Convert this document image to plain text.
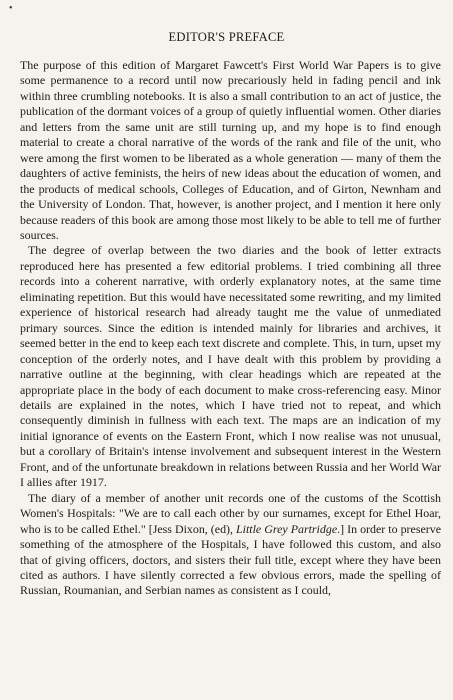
•
EDITOR'S PREFACE

The purpose of this edition of Margaret Fawcett's First World War Papers is to give some permanence to a record until now precariously held in fading pencil and ink within three crumbling notebooks. It is also a small contribution to an act of justice, the publication of the dormant voices of a group of quietly influential women. Other diaries and letters from the same unit are still turning up, and my hope is to find enough material to create a choral narrative of the words of the rank and file of the unit, who were among the first women to be liberated as a whole generation — many of them the daughters of active feminists, the heirs of new ideas about the education of women, and the products of medical schools, Colleges of Education, and of Girton, Newnham and the University of London. That, however, is another project, and I mention it here only because readers of this book are among those most likely to be able to tell me of further sources.

The degree of overlap between the two diaries and the book of letter extracts reproduced here has presented a few editorial problems. I tried combining all three records into a coherent narrative, with orderly explanatory notes, at the same time eliminating repetition. But this would have necessitated some rewriting, and my limited experience of historical research had already taught me the value of unmediated primary sources. Since the edition is intended mainly for libraries and archives, it seemed better in the end to keep each text discrete and complete. This, in turn, upset my conception of the orderly notes, and I have dealt with this problem by providing a narrative outline at the beginning, with clear headings which are repeated at the appropriate place in the body of each document to make cross-referencing easy. Minor details are explained in the notes, which I have tried not to repeat, and which consequently diminish in fullness with each text. The maps are an indication of my initial ignorance of events on the Eastern Front, which I now realise was not unusual, but a corollary of Britain's intense involvement and subsequent interest in the Western Front, and of the unfortunate breakdown in relations between Russia and her World War I allies after 1917.

The diary of a member of another unit records one of the customs of the Scottish Women's Hospitals: "We are to call each other by our surnames, except for Ethel Hoar, who is to be called Ethel." [Jess Dixon, (ed), Little Grey Partridge.] In order to preserve something of the atmosphere of the Hospitals, I have followed this custom, and also that of giving officers, doctors, and sisters their full title, except where they have been cited as authors. I have silently corrected a few obvious errors, made the spelling of Russian, Roumanian, and Serbian names as consistent as I could,
